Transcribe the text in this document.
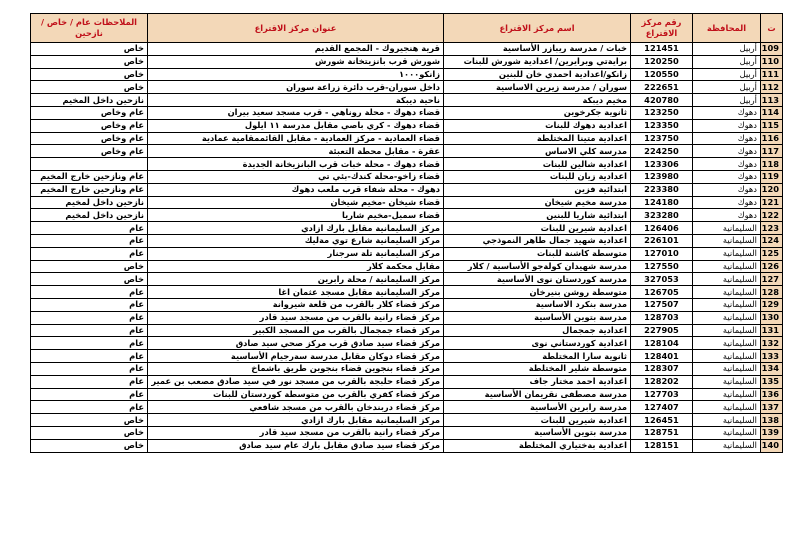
ت	المحافظة	رقم مركز الاقتراع	اسم مركز الاقتراع	عنوان مركز الاقتراع	الملاحظات عام / خاص / نازحين
109	أربيل	121451	خبات / مدرسة ريبازر الأساسية	قرية هنجيروك - المجمع القديم	خاص
110	أربيل	120250	برايةتي وبرايرين/ اعدادية شورش للبنات	شورش قرب بانزيتخانة شورش	خاص
111	أربيل	120550	زانكو/اعدادية احمدي خان للبنين	زانكو١٠٠٠	خاص
112	أربيل	222651	سوران / مدرسة زيرين الاساسية	داخل سوران-قرب دائرة زراعة سوران	خاص
113	أربيل	420780	مخيم ديبكة	ناحية ديبكة	نازحين داخل المخيم
114	دهوك	123250	ثانوية جكرخوين	قضاء دهوك - محلة روناهي - قرب مسجد سعيد بيران	عام وخاص
115	دهوك	123350	اعدادية دهوك للبنات	قضاء دهوك - كري باصي مقابل مدرسة ١١ ايلول	عام وخاص
116	دهوك	123750	اعدادية متينا المختلطة	قضاء العمادية - مركز العمادية - مقابل القائممقامية عمادية	عام وخاص
117	دهوك	224250	مدرسة كلي الاساس	عقرة - مقابل محطة التعبئة	عام وخاص
118	دهوك	123306	اعدادية شالين للبنات	قضاء دهوك - محلة خبات قرب البانزيخانة الجديدة	
119	دهوك	123980	اعدادية زيان للبنات	قضاء زاخو-محلة كندك-بئي تي	عام ونازحين خارج المخيم
120	دهوك	223380	ابتدائية فزين	دهوك - محلة شفاء قرب ملعب دهوك	عام ونازحين خارج المخيم
121	دهوك	124180	مدرسة مخيم شيخان	قضاء شيخان -مخيم شيخان	نازحين داخل لمخيم
122	دهوك	323280	ابتدائية شاريا للبنين	قضاء سميل-مخيم شاريا	نازحين داخل لمخيم
123	السليمانية	126406	اعدادية شيرين للبنات	مركز السليمانية مقابل بارك ازادي	عام
124	السليمانية	226101	اعدادية شهيد جمال طاهر النموذجي	مركز السليمانية شارع توي مةليك	عام
125	السليمانية	127010	متوسطة كاشنة للبنات	مركز السليمانية تلة سرجنار	عام
126	السليمانية	127550	مدرسة شهيدان كولةجو الأساسية / كلار	مقابل محكمة كلار	خاص
127	السليمانية	327053	مدرسة كوردستان نوى الأساسية	مركز السليمانية / محلة رابرين	خاص
128	السليمانية	126705	متوسطة روشن بنيرخان	مركز السليمانية مقابل مسجد عثمان اغا	عام
129	السليمانية	127507	مدرسة بنكرد الاساسية	مركز قضاء كلار بالقرب من قلعة شيروانة	عام
130	السليمانية	128703	مدرسة بتوين الأساسية	مركز قضاء رانية بالقرب من مسجد سيد قادر	عام
131	السليمانية	227905	اعدادية جمجمال	مركز قضاء جمجمال بالقرب من المسجد الكبير	عام
132	السليمانية	128104	اعدادية كوردستاني نوى	مركز قضاء سيد صادق قرب مركز صحي سيد صادق	عام
133	السليمانية	128401	ثانوية سارا المختلطة	مركز قضاء دوكان مقابل مدرسة سةرجيام الأساسية	عام
134	السليمانية	128307	متوسطة شلير المختلطة	مركز قضاء بنجوين قضاء بنجوين طريق باشماخ	عام
135	السليمانية	128202	اعدادية احمد مختار جاف	مركز قضاء حلبجة بالقرب من مسجد نور في سيد صادق مصعب بن عمير	عام
136	السليمانية	127703	مدرسة مصطفى نقريمان الأساسية	مركز قضاء كفري بالقرب من متوسطة كوردستان للبنات	عام
137	السليمانية	127407	مدرسة رابرين الأساسية	مركز قضاء دربندخان بالقرب من مسجد شافعي	عام
138	السليمانية	126451	اعدادية شيرين للبنات	مركز السليمانية مقابل بارك ازادي	خاص
139	السليمانية	128751	مدرسة بتوين الأساسية	مركز قضاء رانية بالقرب من مسجد سيد قادر	خاص
140	السليمانية	128151	اعدادية بةختياري المختلطة	مركز قضاء سيد صادق مقابل بارك عام سيد صادق	خاص
